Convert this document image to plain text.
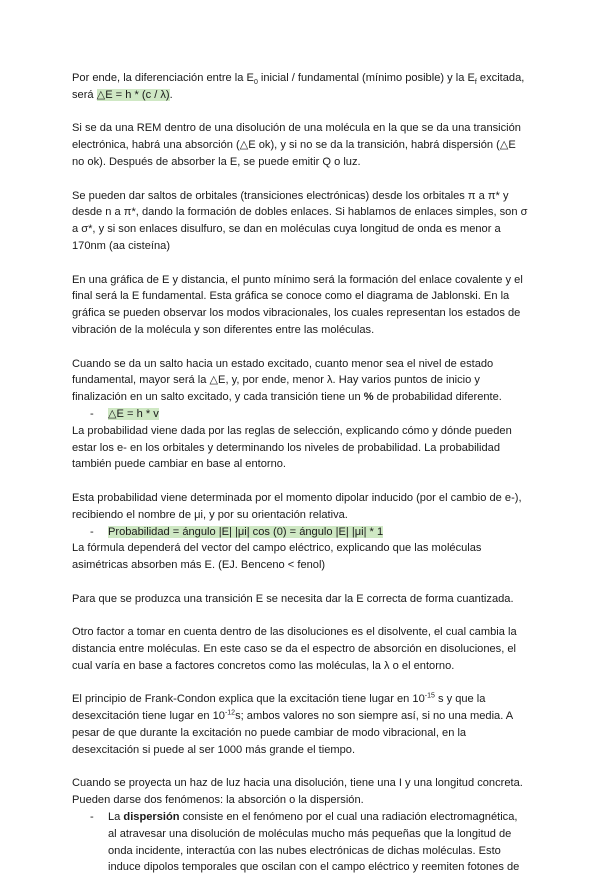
Por ende, la diferenciación entre la $E_0$ inicial / fundamental (mínimo posible) y la $E_f$ excitada, será △E = h * (c / λ).

Si se da una REM dentro de una disolución de una molécula en la que se da una transición electrónica, habrá una absorción (△E ok), y si no se da la transición, habrá dispersión (△E no ok). Después de absorber la E, se puede emitir Q o luz.

Se pueden dar saltos de orbitales (transiciones electrónicas) desde los orbitales π a π* y desde n a π*, dando la formación de dobles enlaces. Si hablamos de enlaces simples, son σ a σ*, y si son enlaces disulfuro, se dan en moléculas cuya longitud de onda es menor a 170nm (aa cisteína)

En una gráfica de E y distancia, el punto mínimo será la formación del enlace covalente y el final será la E fundamental. Esta gráfica se conoce como el diagrama de Jablonski. En la gráfica se pueden observar los modos vibracionales, los cuales representan los estados de vibración de la molécula y son diferentes entre las moléculas.

Cuando se da un salto hacia un estado excitado, cuanto menor sea el nivel de estado fundamental, mayor será la △E, y, por ende, menor λ. Hay varios puntos de inicio y finalización en un salto excitado, y cada transición tiene un % de probabilidad diferente.

-	△E = h * v

La probabilidad viene dada por las reglas de selección, explicando cómo y dónde pueden estar los e- en los orbitales y determinando los niveles de probabilidad. La probabilidad también puede cambiar en base al entorno.

Esta probabilidad viene determinada por el momento dipolar inducido (por el cambio de e-), recibiendo el nombre de μi, y por su orientación relativa.

-	Probabilidad = ángulo |E| |μi| cos (0) = ángulo |E| |μi| * 1

La fórmula dependerá del vector del campo eléctrico, explicando que las moléculas asimétricas absorben más E. (EJ. Benceno < fenol)

Para que se produzca una transición E se necesita dar la E correcta de forma cuantizada.

Otro factor a tomar en cuenta dentro de las disoluciones es el disolvente, el cual cambia la distancia entre moléculas. En este caso se da el espectro de absorción en disoluciones, el cual varía en base a factores concretos como las moléculas, la λ o el entorno.

El principio de Frank-Condon explica que la excitación tiene lugar en $10^{-15}$ s y que la desexcitación tiene lugar en $10^{-12}s$; ambos valores no son siempre así, si no una media. A pesar de que durante la excitación no puede cambiar de modo vibracional, en la desexcitación si puede al ser 1000 más grande el tiempo.

Cuando se proyecta un haz de luz hacia una disolución, tiene una I y una longitud concreta. Pueden darse dos fenómenos: la absorción o la dispersión.

-	La dispersión consiste en el fenómeno por el cual una radiación electromagnética, al atravesar una disolución de moléculas mucho más pequeñas que la longitud de onda incidente, interactúa con las nubes electrónicas de dichas moléculas. Esto induce dipolos temporales que oscilan con el campo eléctrico y reemiten fotones de
